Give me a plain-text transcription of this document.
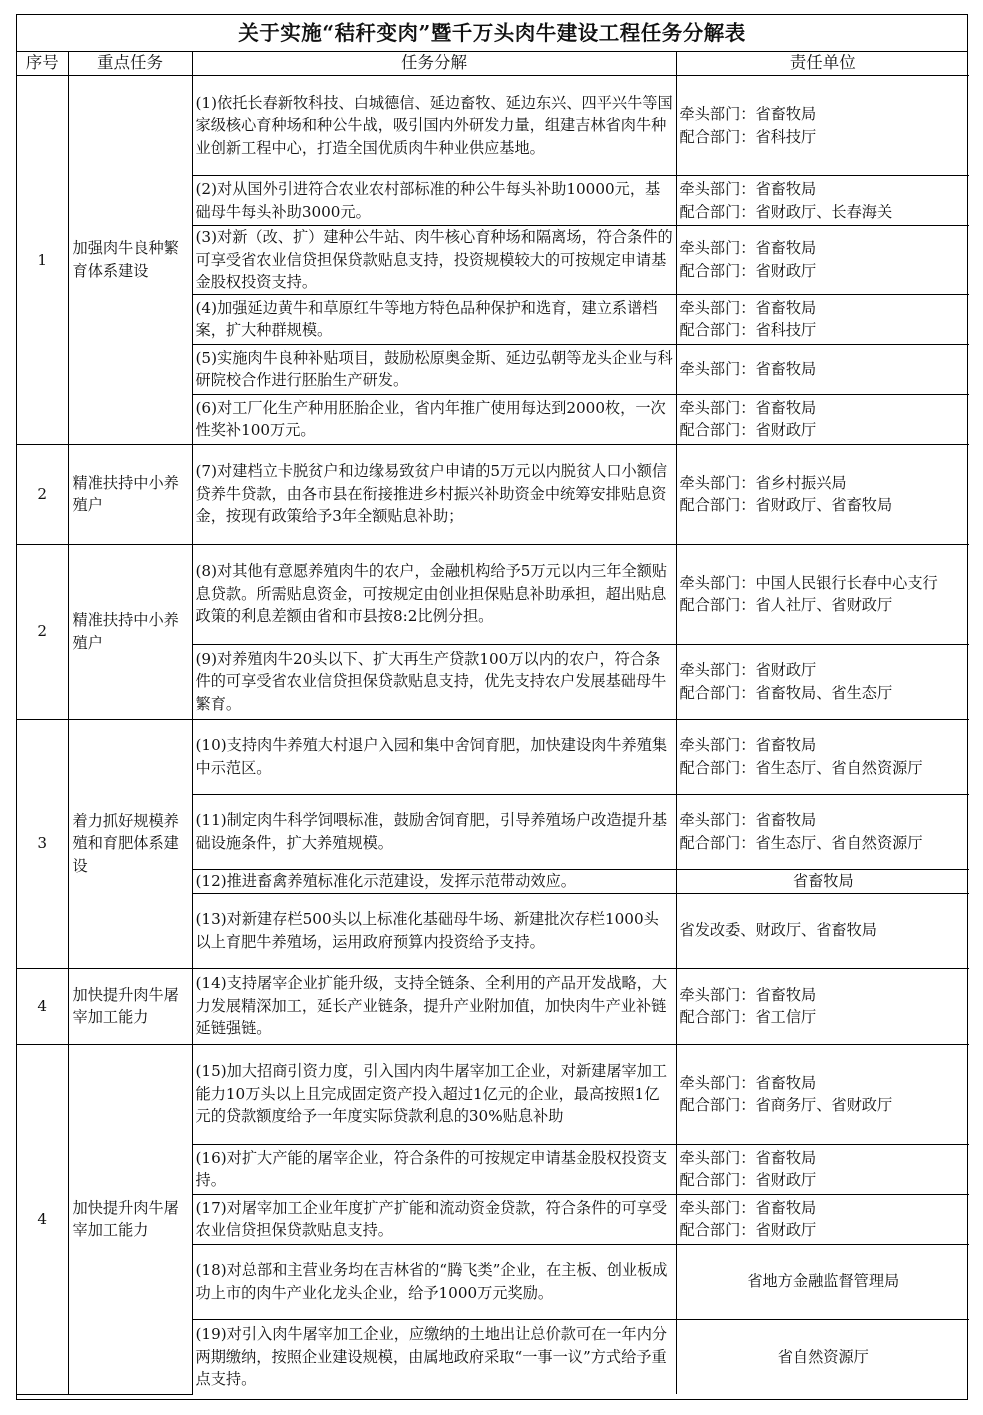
关于实施“秸秆变肉”暨千万头肉牛建设工程任务分解表
序号	重点任务	任务分解	责任单位
1	加强肉牛良种繁育体系建设	(1)依托长春新牧科技、白城德信、延边畜牧、延边东兴、四平兴牛等国家级核心育种场和种公牛战，吸引国内外研发力量，组建吉林省肉牛种业创新工程中心，打造全国优质肉牛种业供应基地。	牵头部门：省畜牧局
配合部门：省科技厅

		(2)对从国外引进符合农业农村部标准的种公牛每头补助10000元，基础母牛每头补助3000元。	牵头部门：省畜牧局
配合部门：省财政厅、长春海关

		(3)对新（改、扩）建种公牛站、肉牛核心育种场和隔离场，符合条件的可享受省农业信贷担保贷款贴息支持，投资规模较大的可按规定申请基金股权投资支持。	牵头部门：省畜牧局
配合部门：省财政厅

		(4)加强延边黄牛和草原红牛等地方特色品种保护和选育，建立系谱档案，扩大种群规模。	牵头部门：省畜牧局
配合部门：省科技厅

		(5)实施肉牛良种补贴项目，鼓励松原奥金斯、延边弘朝等龙头企业与科研院校合作进行胚胎生产研发。	牵头部门：省畜牧局

		(6)对工厂化生产种用胚胎企业，省内年推广使用每达到2000枚，一次性奖补100万元。	牵头部门：省畜牧局
配合部门：省财政厅

2	精准扶持中小养殖户	(7)对建档立卡脱贫户和边缘易致贫户申请的5万元以内脱贫人口小额信贷养牛贷款，由各市县在衔接推进乡村振兴补助资金中统筹安排贴息资金，按现有政策给予3年全额贴息补助；	牵头部门：省乡村振兴局
配合部门：省财政厅、省畜牧局

2	精准扶持中小养殖户	(8)对其他有意愿养殖肉牛的农户，金融机构给予5万元以内三年全额贴息贷款。所需贴息资金，可按规定由创业担保贴息补助承担，超出贴息政策的利息差额由省和市县按8:2比例分担。	牵头部门：中国人民银行长春中心支行
配合部门：省人社厅、省财政厅

		(9)对养殖肉牛20头以下、扩大再生产贷款100万以内的农户，符合条件的可享受省农业信贷担保贷款贴息支持，优先支持农户发展基础母牛繁育。	牵头部门：省财政厅
配合部门：省畜牧局、省生态厅

3	着力抓好规模养殖和育肥体系建设	(10)支持肉牛养殖大村退户入园和集中舍饲育肥，加快建设肉牛养殖集中示范区。	牵头部门：省畜牧局
配合部门：省生态厅、省自然资源厅

		(11)制定肉牛科学饲喂标准，鼓励舍饲育肥，引导养殖场户改造提升基础设施条件，扩大养殖规模。	牵头部门：省畜牧局
配合部门：省生态厅、省自然资源厅

		(12)推进畜禽养殖标准化示范建设，发挥示范带动效应。	省畜牧局

		(13)对新建存栏500头以上标准化基础母牛场、新建批次存栏1000头以上育肥牛养殖场，运用政府预算内投资给予支持。	省发改委、财政厅、省畜牧局

4	加快提升肉牛屠宰加工能力	(14)支持屠宰企业扩能升级，支持全链条、全利用的产品开发战略，大力发展精深加工，延长产业链条，提升产业附加值，加快肉牛产业补链延链强链。	牵头部门：省畜牧局
配合部门：省工信厅

4	加快提升肉牛屠宰加工能力	(15)加大招商引资力度，引入国内肉牛屠宰加工企业，对新建屠宰加工能力10万头以上且完成固定资产投入超过1亿元的企业，最高按照1亿元的贷款额度给予一年度实际贷款利息的30%贴息补助	牵头部门：省畜牧局
配合部门：省商务厅、省财政厅

		(16)对扩大产能的屠宰企业，符合条件的可按规定申请基金股权投资支持。	牵头部门：省畜牧局
配合部门：省财政厅

		(17)对屠宰加工企业年度扩产扩能和流动资金贷款，符合条件的可享受农业信贷担保贷款贴息支持。	牵头部门：省畜牧局
配合部门：省财政厅

		(18)对总部和主营业务均在吉林省的“腾飞类”企业，在主板、创业板成功上市的肉牛产业化龙头企业，给予1000万元奖励。	省地方金融监督管理局

		(19)对引入肉牛屠宰加工企业，应缴纳的土地出让总价款可在一年内分两期缴纳，按照企业建设规模，由属地政府采取“一事一议”方式给予重点支持。	省自然资源厅
